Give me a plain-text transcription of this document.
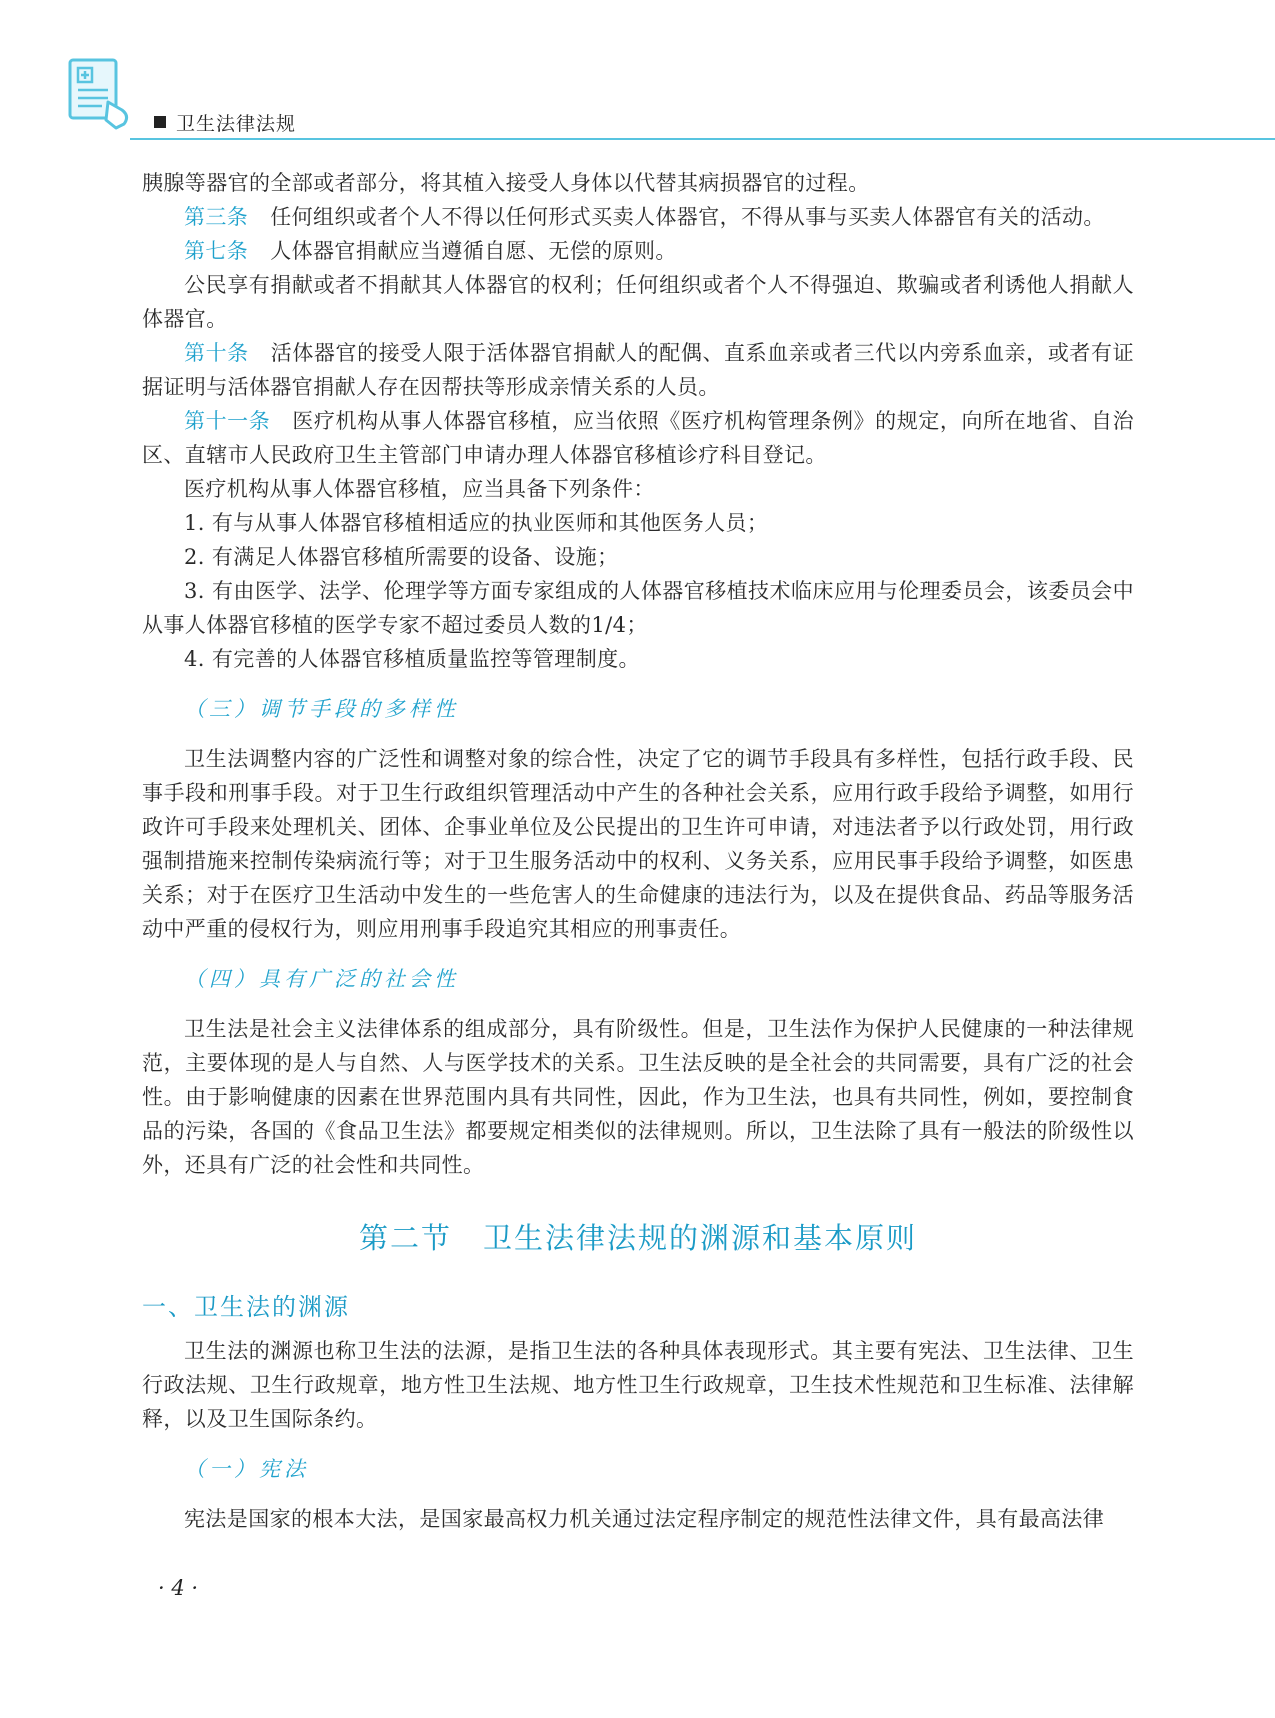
卫生法律法规

胰腺等器官的全部或者部分，将其植入接受人身体以代替其病损器官的过程。

第三条 任何组织或者个人不得以任何形式买卖人体器官，不得从事与买卖人体器官有关的活动。

第七条 人体器官捐献应当遵循自愿、无偿的原则。

公民享有捐献或者不捐献其人体器官的权利；任何组织或者个人不得强迫、欺骗或者利诱他人捐献人体器官。

第十条 活体器官的接受人限于活体器官捐献人的配偶、直系血亲或者三代以内旁系血亲，或者有证据证明与活体器官捐献人存在因帮扶等形成亲情关系的人员。

第十一条 医疗机构从事人体器官移植，应当依照《医疗机构管理条例》的规定，向所在地省、自治区、直辖市人民政府卫生主管部门申请办理人体器官移植诊疗科目登记。

医疗机构从事人体器官移植，应当具备下列条件：

1. 有与从事人体器官移植相适应的执业医师和其他医务人员；

2. 有满足人体器官移植所需要的设备、设施；

3. 有由医学、法学、伦理学等方面专家组成的人体器官移植技术临床应用与伦理委员会，该委员会中从事人体器官移植的医学专家不超过委员人数的1/4；

4. 有完善的人体器官移植质量监控等管理制度。

（三）调节手段的多样性

卫生法调整内容的广泛性和调整对象的综合性，决定了它的调节手段具有多样性，包括行政手段、民事手段和刑事手段。对于卫生行政组织管理活动中产生的各种社会关系，应用行政手段给予调整，如用行政许可手段来处理机关、团体、企事业单位及公民提出的卫生许可申请，对违法者予以行政处罚，用行政强制措施来控制传染病流行等；对于卫生服务活动中的权利、义务关系，应用民事手段给予调整，如医患关系；对于在医疗卫生活动中发生的一些危害人的生命健康的违法行为，以及在提供食品、药品等服务活动中严重的侵权行为，则应用刑事手段追究其相应的刑事责任。

（四）具有广泛的社会性

卫生法是社会主义法律体系的组成部分，具有阶级性。但是，卫生法作为保护人民健康的一种法律规范，主要体现的是人与自然、人与医学技术的关系。卫生法反映的是全社会的共同需要，具有广泛的社会性。由于影响健康的因素在世界范围内具有共同性，因此，作为卫生法，也具有共同性，例如，要控制食品的污染，各国的《食品卫生法》都要规定相类似的法律规则。所以，卫生法除了具有一般法的阶级性以外，还具有广泛的社会性和共同性。

第二节　卫生法律法规的渊源和基本原则
一、卫生法的渊源

卫生法的渊源也称卫生法的法源，是指卫生法的各种具体表现形式。其主要有宪法、卫生法律、卫生行政法规、卫生行政规章，地方性卫生法规、地方性卫生行政规章，卫生技术性规范和卫生标准、法律解释，以及卫生国际条约。

（一）宪法

宪法是国家的根本大法，是国家最高权力机关通过法定程序制定的规范性法律文件，具有最高法律

· 4 ·
